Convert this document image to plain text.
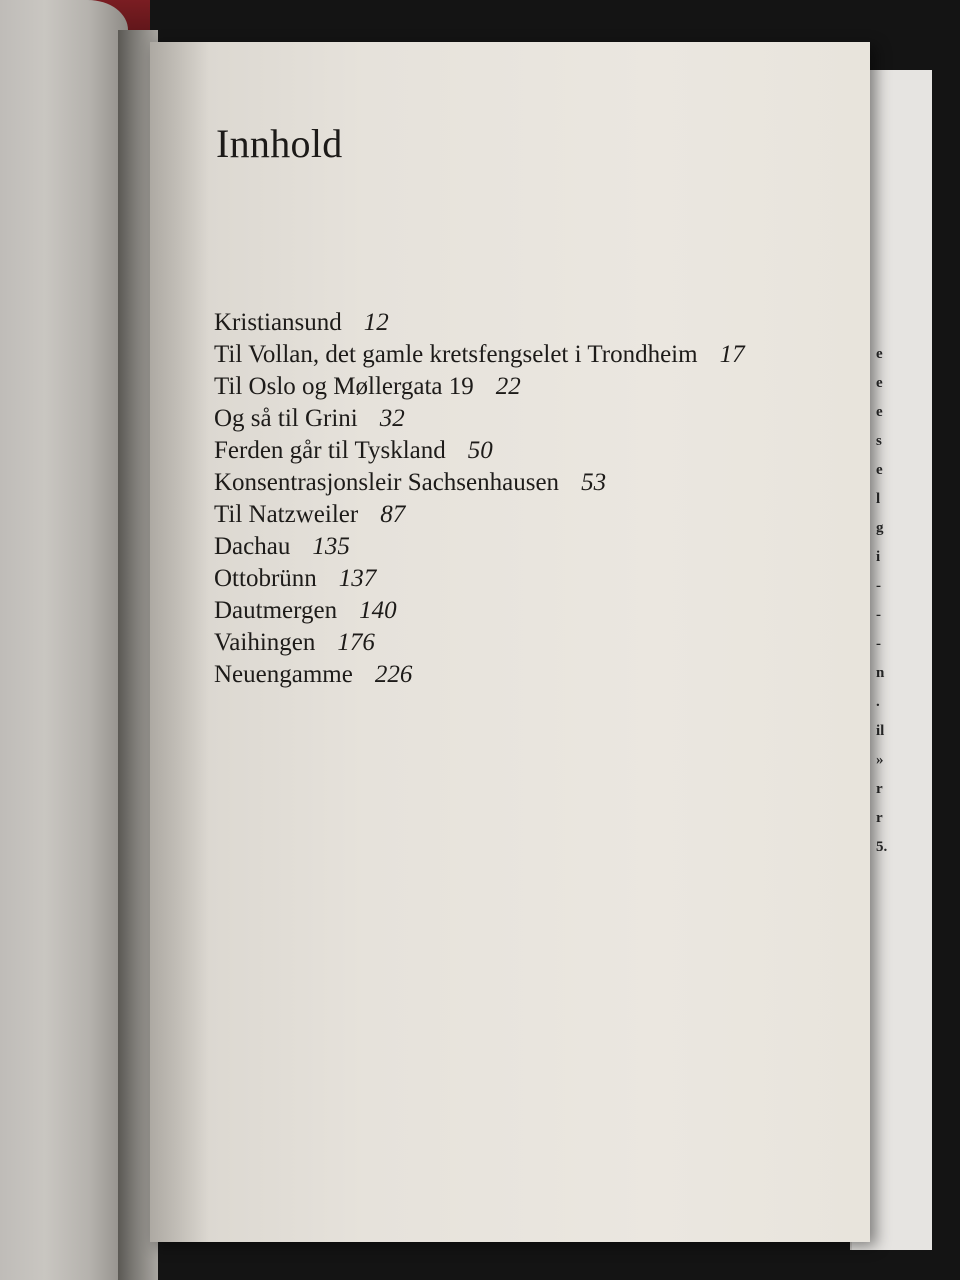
e
e
e
s
e
l
g
i
-
-
-
n
.
il
»
r
r
5.
Innhold
Kristiansund 12
Til Vollan, det gamle kretsfengselet i Trondheim 17
Til Oslo og Møllergata 19 22
Og så til Grini 32
Ferden går til Tyskland 50
Konsentrasjonsleir Sachsenhausen 53
Til Natzweiler 87
Dachau 135
Ottobrünn 137
Dautmergen 140
Vaihingen 176
Neuengamme 226
